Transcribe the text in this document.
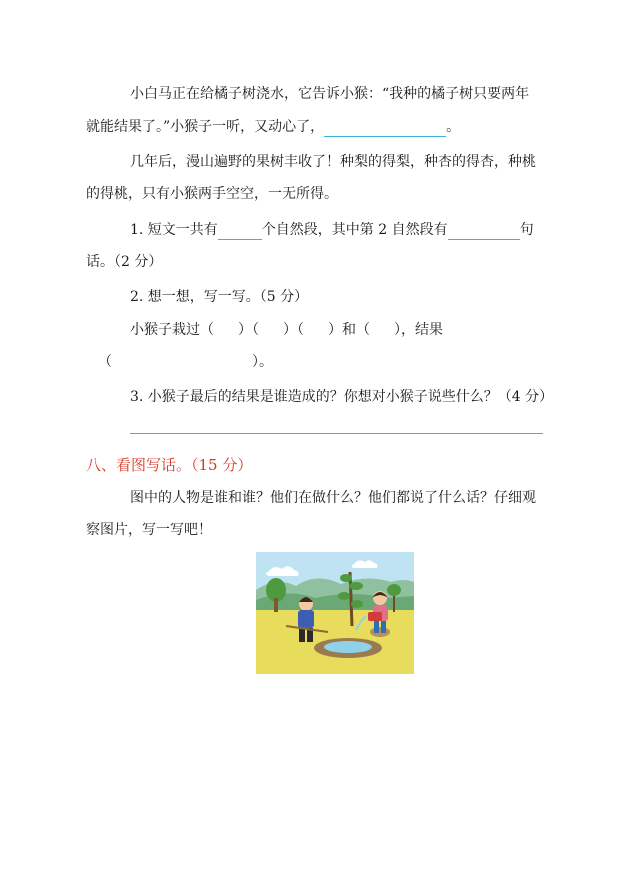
小白马正在给橘子树浇水，它告诉小猴：“我种的橘子树只要两年
就能结果了。”小猴子一听，又动心了，	。
几年后，漫山遍野的果树丰收了！种梨的得梨，种杏的得杏，种桃
的得桃，只有小猴两手空空，一无所得。
1. 短文一共有	个自然段，其中第 2 自然段有	句
话。（2 分）
2. 想一想，写一写。（5 分）
小猴子栽过（ ）（ ）（ ）和（ ），结果
（	）。
3. 小猴子最后的结果是谁造成的？你想对小猴子说些什么？（4 分）
八、看图写话。（15 分）
图中的人物是谁和谁？他们在做什么？他们都说了什么话？仔细观
察图片，写一写吧！
